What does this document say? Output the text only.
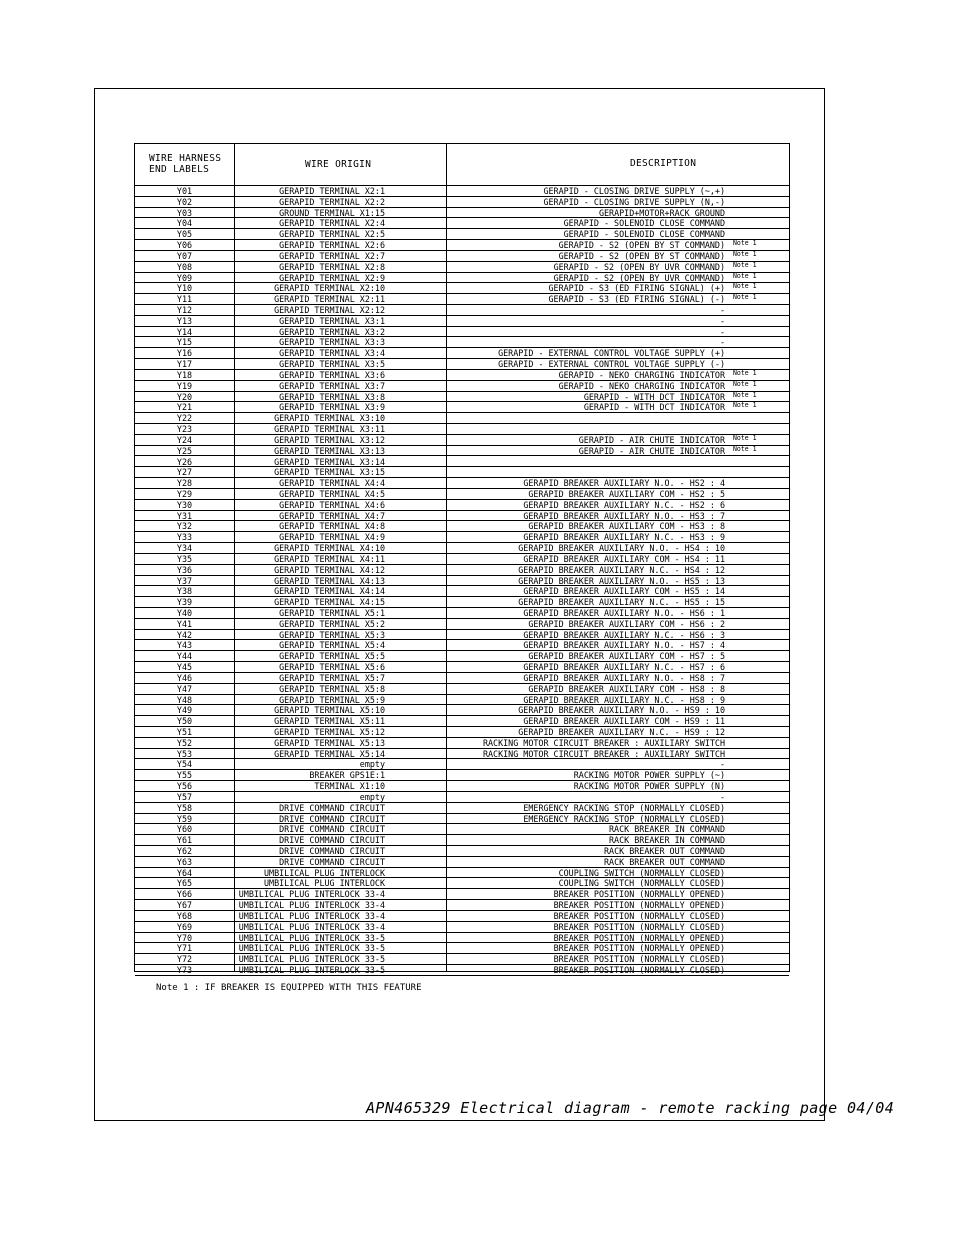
WIRE HARNESS
END LABELS	WIRE ORIGIN	DESCRIPTION
Y01	GERAPID TERMINAL X2:1	GERAPID - CLOSING DRIVE SUPPLY (~,+)
Y02	GERAPID TERMINAL X2:2	GERAPID - CLOSING DRIVE SUPPLY (N,-)
Y03	GROUND TERMINAL X1:15	GERAPID+MOTOR+RACK GROUND
Y04	GERAPID TERMINAL X2:4	GERAPID - SOLENOID CLOSE COMMAND
Y05	GERAPID TERMINAL X2:5	GERAPID - SOLENOID CLOSE COMMAND
Y06	GERAPID TERMINAL X2:6	GERAPID - S2 (OPEN BY ST COMMAND) Note 1
Y07	GERAPID TERMINAL X2:7	GERAPID - S2 (OPEN BY ST COMMAND) Note 1
Y08	GERAPID TERMINAL X2:8	GERAPID - S2 (OPEN BY UVR COMMAND) Note 1
Y09	GERAPID TERMINAL X2:9	GERAPID - S2 (OPEN BY UVR COMMAND) Note 1
Y10	GERAPID TERMINAL X2:10	GERAPID - S3 (ED FIRING SIGNAL) (+) Note 1
Y11	GERAPID TERMINAL X2:11	GERAPID - S3 (ED FIRING SIGNAL) (-) Note 1
Y12	GERAPID TERMINAL X2:12	-
Y13	GERAPID TERMINAL X3:1	-
Y14	GERAPID TERMINAL X3:2	-
Y15	GERAPID TERMINAL X3:3	-
Y16	GERAPID TERMINAL X3:4	GERAPID - EXTERNAL CONTROL VOLTAGE SUPPLY (+)
Y17	GERAPID TERMINAL X3:5	GERAPID - EXTERNAL CONTROL VOLTAGE SUPPLY (-)
Y18	GERAPID TERMINAL X3:6	GERAPID - NEKO CHARGING INDICATOR Note 1
Y19	GERAPID TERMINAL X3:7	GERAPID - NEKO CHARGING INDICATOR Note 1
Y20	GERAPID TERMINAL X3:8	GERAPID - WITH DCT INDICATOR Note 1
Y21	GERAPID TERMINAL X3:9	GERAPID - WITH DCT INDICATOR Note 1
Y22	GERAPID TERMINAL X3:10
Y23	GERAPID TERMINAL X3:11
Y24	GERAPID TERMINAL X3:12	GERAPID - AIR CHUTE INDICATOR Note 1
Y25	GERAPID TERMINAL X3:13	GERAPID - AIR CHUTE INDICATOR Note 1
Y26	GERAPID TERMINAL X3:14
Y27	GERAPID TERMINAL X3:15
Y28	GERAPID TERMINAL X4:4	GERAPID BREAKER AUXILIARY N.O. - HS2 : 4
Y29	GERAPID TERMINAL X4:5	GERAPID BREAKER AUXILIARY COM - HS2 : 5
Y30	GERAPID TERMINAL X4:6	GERAPID BREAKER AUXILIARY N.C. - HS2 : 6
Y31	GERAPID TERMINAL X4:7	GERAPID BREAKER AUXILIARY N.O. - HS3 : 7
Y32	GERAPID TERMINAL X4:8	GERAPID BREAKER AUXILIARY COM - HS3 : 8
Y33	GERAPID TERMINAL X4:9	GERAPID BREAKER AUXILIARY N.C. - HS3 : 9
Y34	GERAPID TERMINAL X4:10	GERAPID BREAKER AUXILIARY N.O. - HS4 : 10
Y35	GERAPID TERMINAL X4:11	GERAPID BREAKER AUXILIARY COM - HS4 : 11
Y36	GERAPID TERMINAL X4:12	GERAPID BREAKER AUXILIARY N.C. - HS4 : 12
Y37	GERAPID TERMINAL X4:13	GERAPID BREAKER AUXILIARY N.O. - HS5 : 13
Y38	GERAPID TERMINAL X4:14	GERAPID BREAKER AUXILIARY COM - HS5 : 14
Y39	GERAPID TERMINAL X4:15	GERAPID BREAKER AUXILIARY N.C. - HS5 : 15
Y40	GERAPID TERMINAL X5:1	GERAPID BREAKER AUXILIARY N.O. - HS6 : 1
Y41	GERAPID TERMINAL X5:2	GERAPID BREAKER AUXILIARY COM - HS6 : 2
Y42	GERAPID TERMINAL X5:3	GERAPID BREAKER AUXILIARY N.C. - HS6 : 3
Y43	GERAPID TERMINAL X5:4	GERAPID BREAKER AUXILIARY N.O. - HS7 : 4
Y44	GERAPID TERMINAL X5:5	GERAPID BREAKER AUXILIARY COM - HS7 : 5
Y45	GERAPID TERMINAL X5:6	GERAPID BREAKER AUXILIARY N.C. - HS7 : 6
Y46	GERAPID TERMINAL X5:7	GERAPID BREAKER AUXILIARY N.O. - HS8 : 7
Y47	GERAPID TERMINAL X5:8	GERAPID BREAKER AUXILIARY COM - HS8 : 8
Y48	GERAPID TERMINAL X5:9	GERAPID BREAKER AUXILIARY N.C. - HS8 : 9
Y49	GERAPID TERMINAL X5:10	GERAPID BREAKER AUXILIARY N.O. - HS9 : 10
Y50	GERAPID TERMINAL X5:11	GERAPID BREAKER AUXILIARY COM - HS9 : 11
Y51	GERAPID TERMINAL X5:12	GERAPID BREAKER AUXILIARY N.C. - HS9 : 12
Y52	GERAPID TERMINAL X5:13	RACKING MOTOR CIRCUIT BREAKER : AUXILIARY SWITCH
Y53	GERAPID TERMINAL X5:14	RACKING MOTOR CIRCUIT BREAKER : AUXILIARY SWITCH
Y54	empty	-
Y55	BREAKER GPS1E:1	RACKING MOTOR POWER SUPPLY (~)
Y56	TERMINAL X1:10	RACKING MOTOR POWER SUPPLY (N)
Y57	empty	-
Y58	DRIVE COMMAND CIRCUIT	EMERGENCY RACKING STOP (NORMALLY CLOSED)
Y59	DRIVE COMMAND CIRCUIT	EMERGENCY RACKING STOP (NORMALLY CLOSED)
Y60	DRIVE COMMAND CIRCUIT	RACK BREAKER IN COMMAND
Y61	DRIVE COMMAND CIRCUIT	RACK BREAKER IN COMMAND
Y62	DRIVE COMMAND CIRCUIT	RACK BREAKER OUT COMMAND
Y63	DRIVE COMMAND CIRCUIT	RACK BREAKER OUT COMMAND
Y64	UMBILICAL PLUG INTERLOCK	COUPLING SWITCH (NORMALLY CLOSED)
Y65	UMBILICAL PLUG INTERLOCK	COUPLING SWITCH (NORMALLY CLOSED)
Y66	UMBILICAL PLUG INTERLOCK 33-4	BREAKER POSITION (NORMALLY OPENED)
Y67	UMBILICAL PLUG INTERLOCK 33-4	BREAKER POSITION (NORMALLY OPENED)
Y68	UMBILICAL PLUG INTERLOCK 33-4	BREAKER POSITION (NORMALLY CLOSED)
Y69	UMBILICAL PLUG INTERLOCK 33-4	BREAKER POSITION (NORMALLY CLOSED)
Y70	UMBILICAL PLUG INTERLOCK 33-5	BREAKER POSITION (NORMALLY OPENED)
Y71	UMBILICAL PLUG INTERLOCK 33-5	BREAKER POSITION (NORMALLY OPENED)
Y72	UMBILICAL PLUG INTERLOCK 33-5	BREAKER POSITION (NORMALLY CLOSED)
Y73	UMBILICAL PLUG INTERLOCK 33-5	BREAKER POSITION (NORMALLY CLOSED)
Note 1 : IF BREAKER IS EQUIPPED WITH THIS FEATURE
APN465329 Electrical diagram - remote racking page 04/04
